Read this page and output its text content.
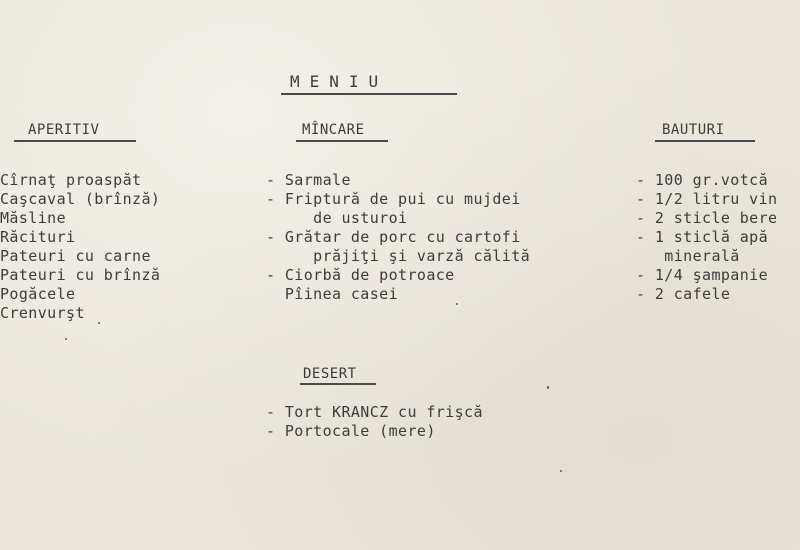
MENIU
APERITIV
Cîrnaţ proaspăt
Caşcaval (brînză)
Măsline
Răcituri
Pateuri cu carne
Pateuri cu brînză
Pogăcele
Crenvurşt
MÎNCARE
- Sarmale
- Friptură de pui cu mujdei
de usturoi
- Grătar de porc cu cartofi
prăjiţi şi varză călită
- Ciorbă de potroace
Pîinea casei
BAUTURI
- 100 gr.votcă
- 1/2 litru vin
- 2 sticle bere
- 1 sticlă apă
minerală
- 1/4 şampanie
- 2 cafele
DESERT
- Tort KRANCZ cu frişcă
- Portocale (mere)
